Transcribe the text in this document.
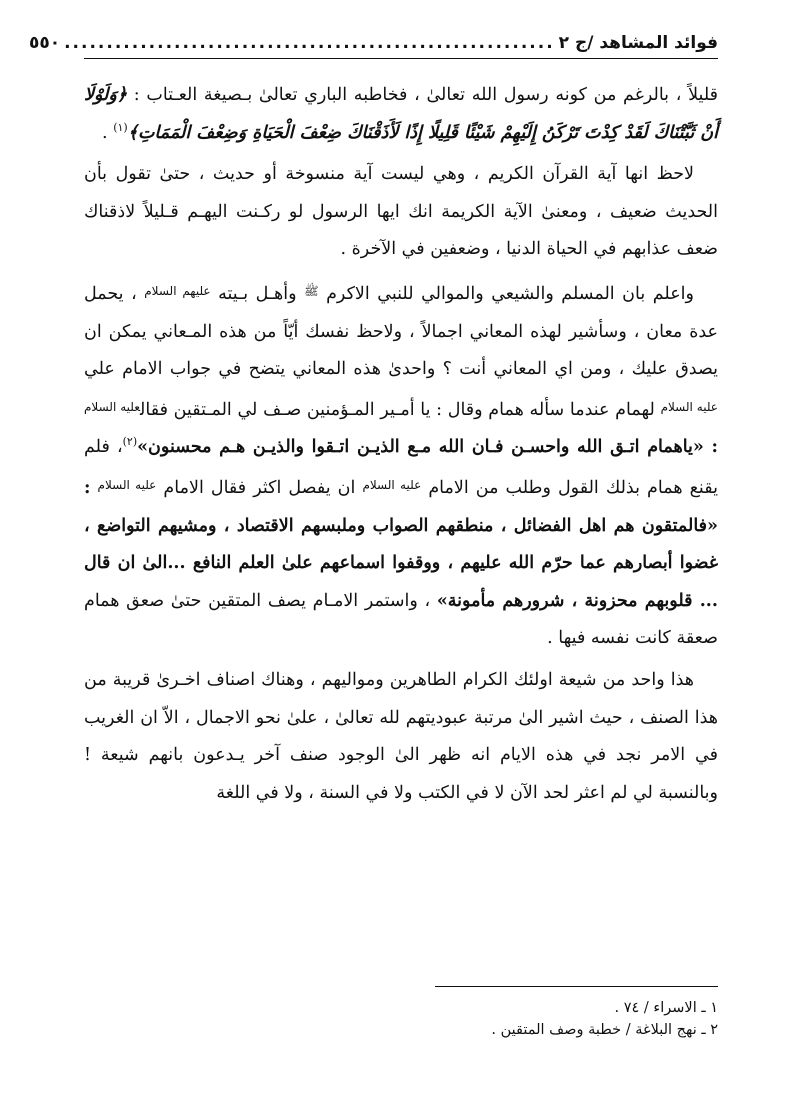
فوائد المشاهد /ج ٢
..........................................................
٥٥٠

قليلاً ، بالرغم من كونه رسول الله تعالىٰ ، فخاطبه الباري تعالىٰ بـصيغة العـتاب : ﴿وَلَوْلَا أَنْ ثَبَّتْنَاكَ لَقَدْ كِدْتَ تَرْكَنُ إِلَيْهِمْ شَيْئًا قَلِيلًا إِذًا لَأَذَقْنَاكَ ضِعْفَ الْحَيَاةِ وَضِعْفَ الْمَمَاتِ﴾$^{(١)}$ .

لاحظ انها آية القرآن الكريم ، وهي ليست آية منسوخة أو حديث ، حتىٰ تقول بأن الحديث ضعيف ، ومعنىٰ الآية الكريمة انك ايها الرسول لو ركـنت اليهـم قـليلاً لاذقناك ضعف عذابهم في الحياة الدنيا ، وضعفين في الآخرة .

واعلم بان المسلم والشيعي والموالي للنبي الاكرم $^ﷺ$ وأهـل بـيته $^{عليهم السلام}$ ، يحمل عدة معان ، وسأشير لهذه المعاني اجمالاً ، ولاحظ نفسك أيّاً من هذه المـعاني يمكن ان يصدق عليك ، ومن اي المعاني أنت ؟ واحدىٰ هذه المعاني يتضح في جواب الامام علي $^{عليه السلام}$ لهمام عندما سأله همام وقال : يا أمـير المـؤمنين صـف لي المـتقين فقال$^{عليه السلام}$ : «ياهمام اتـق الله واحسـن فـان الله مـع الذيـن اتـقوا والذيـن هـم محسنون»$^{(٢)}$، فلم يقنع همام بذلك القول وطلب من الامام $^{عليه السلام}$ ان يفصل اكثر فقال الامام $^{عليه السلام}$ : «فالمتقون هم اهل الفضائل ، منطقهم الصواب وملبسهم الاقتصاد ، ومشيهم التواضع ، غضوا أبصارهم عما حرّم الله عليهم ، ووقفوا اسماعهم علىٰ العلم النافع ...الىٰ ان قال ... قلوبهم محزونة ، شرورهم مأمونة» ، واستمر الامـام يصف المتقين حتىٰ صعق همام صعقة كانت نفسه فيها .

هذا واحد من شيعة اولئك الكرام الطاهرين ومواليهم ، وهناك اصناف اخـرىٰ قريبة من هذا الصنف ، حيث اشير الىٰ مرتبة عبوديتهم لله تعالىٰ ، علىٰ نحو الاجمال ، الاّ ان الغريب في الامر نجد في هذه الايام انه ظهر الىٰ الوجود صنف آخر يـدعون بانهم شيعة ! وبالنسبة لي لم اعثر لحد الآن لا في الكتب ولا في السنة ، ولا في اللغة

١ ـ الاسراء / ٧٤ .
٢ ـ نهج البلاغة / خطبة وصف المتقين .
